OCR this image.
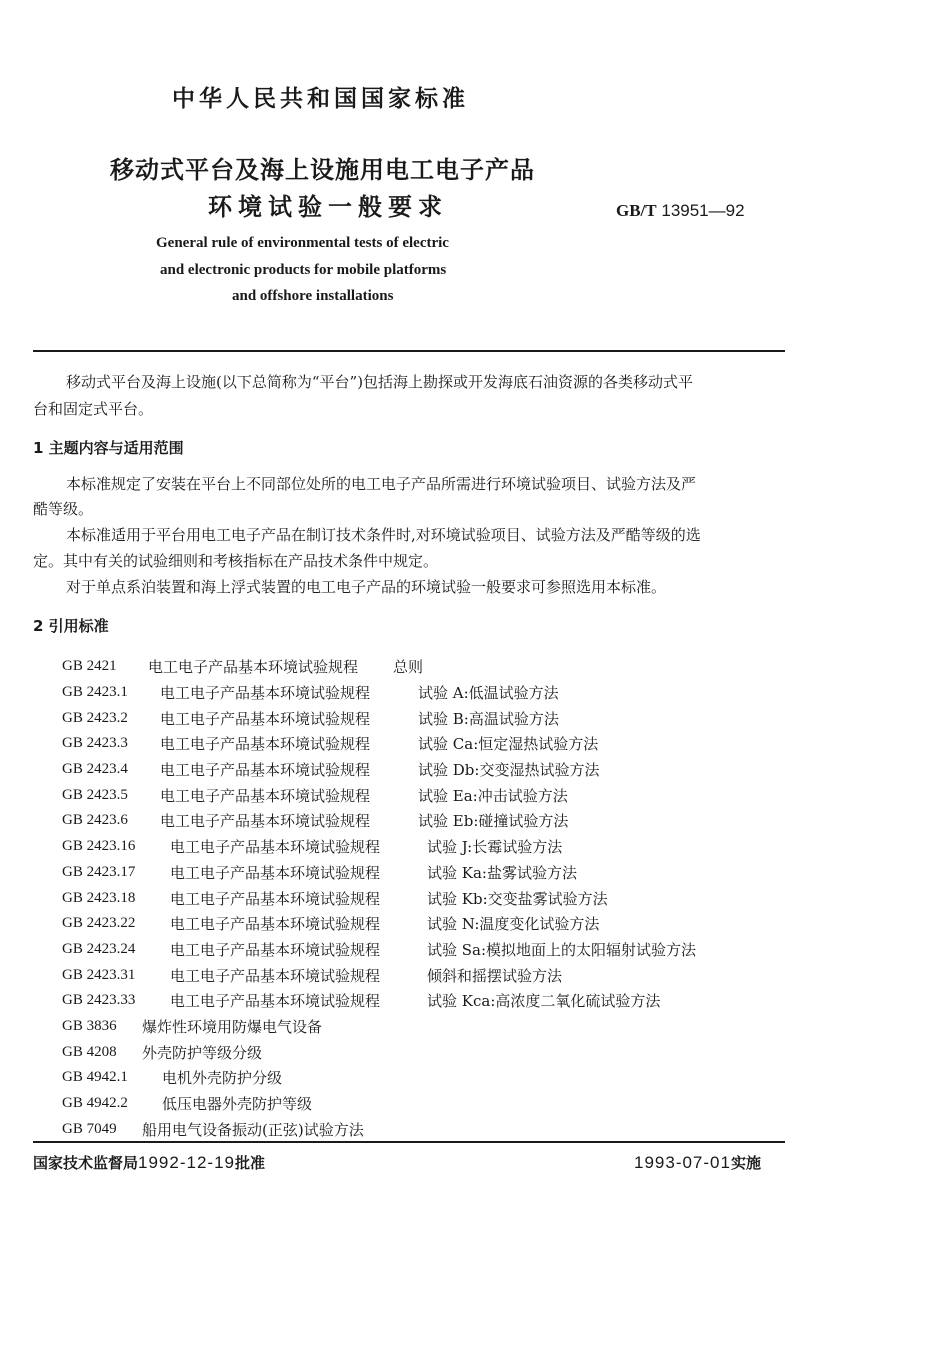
中华人民共和国国家标准
移动式平台及海上设施用电工电子产品
环境试验一般要求	GB/T 13951—92
General rule of environmental tests of electric
and electronic products for mobile platforms
and offshore installations
移动式平台及海上设施(以下总简称为“平台”)包括海上勘探或开发海底石油资源的各类移动式平
台和固定式平台。
1 主题内容与适用范围
本标准规定了安装在平台上不同部位处所的电工电子产品所需进行环境试验项目、试验方法及严
酷等级。
本标准适用于平台用电工电子产品在制订技术条件时,对环境试验项目、试验方法及严酷等级的选
定。其中有关的试验细则和考核指标在产品技术条件中规定。
对于单点系泊装置和海上浮式装置的电工电子产品的环境试验一般要求可参照选用本标准。
2 引用标准
GB 2421	电工电子产品基本环境试验规程	总则
GB 2423.1	电工电子产品基本环境试验规程	试验 A:低温试验方法
GB 2423.2	电工电子产品基本环境试验规程	试验 B:高温试验方法
GB 2423.3	电工电子产品基本环境试验规程	试验 Ca:恒定湿热试验方法
GB 2423.4	电工电子产品基本环境试验规程	试验 Db:交变湿热试验方法
GB 2423.5	电工电子产品基本环境试验规程	试验 Ea:冲击试验方法
GB 2423.6	电工电子产品基本环境试验规程	试验 Eb:碰撞试验方法
GB 2423.16	电工电子产品基本环境试验规程	试验 J:长霉试验方法
GB 2423.17	电工电子产品基本环境试验规程	试验 Ka:盐雾试验方法
GB 2423.18	电工电子产品基本环境试验规程	试验 Kb:交变盐雾试验方法
GB 2423.22	电工电子产品基本环境试验规程	试验 N:温度变化试验方法
GB 2423.24	电工电子产品基本环境试验规程	试验 Sa:模拟地面上的太阳辐射试验方法
GB 2423.31	电工电子产品基本环境试验规程	倾斜和摇摆试验方法
GB 2423.33	电工电子产品基本环境试验规程	试验 Kca:高浓度二氧化硫试验方法
GB 3836	爆炸性环境用防爆电气设备
GB 4208	外壳防护等级分级
GB 4942.1	电机外壳防护分级
GB 4942.2	低压电器外壳防护等级
GB 7049	船用电气设备振动(正弦)试验方法
国家技术监督局1992-12-19批准	1993-07-01实施
